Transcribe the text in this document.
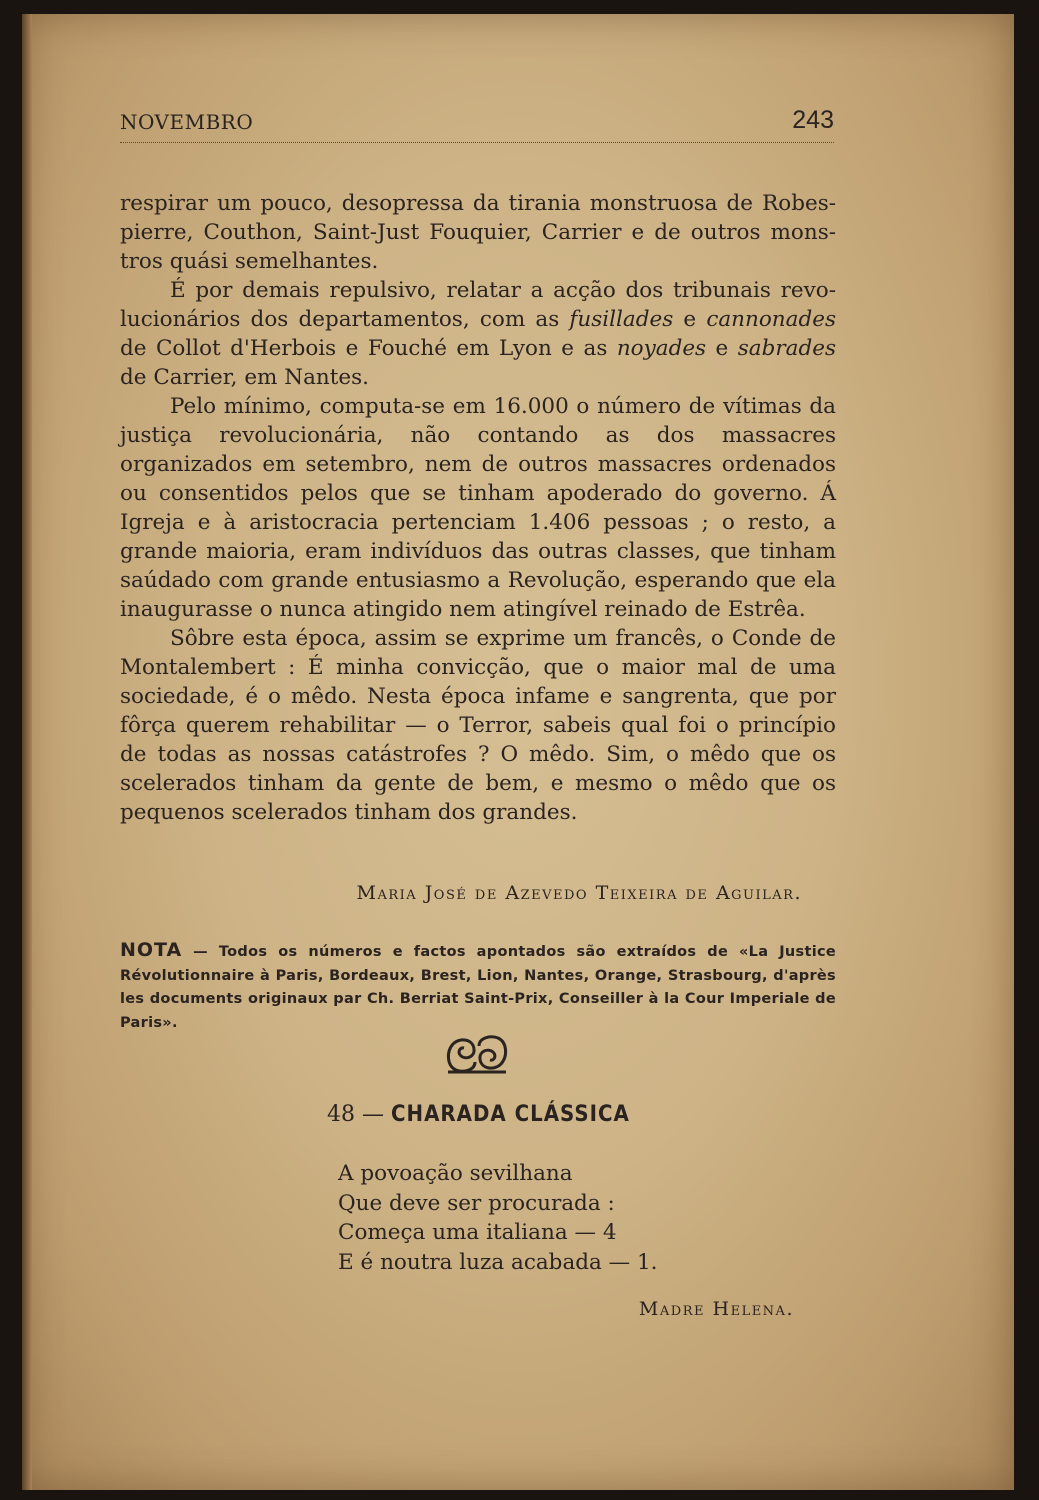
NOVEMBRO	243

respirar um pouco, desopressa da tirania monstruosa de Robes-pierre, Couthon, Saint-Just Fouquier, Carrier e de outros mons-tros quási semelhantes.

É por demais repulsivo, relatar a acção dos tribunais revo-lucionários dos departamentos, com as fusillades e cannonades de Collot d'Herbois e Fouché em Lyon e as noyades e sabrades de Carrier, em Nantes.

Pelo mínimo, computa-se em 16.000 o número de vítimas da justiça revolucionária, não contando as dos massacres organizados em setembro, nem de outros massacres ordenados ou consentidos pelos que se tinham apoderado do governo. Á Igreja e à aristocracia pertenciam 1.406 pessoas ; o resto, a grande maioria, eram indivíduos das outras classes, que tinham saúdado com grande entusiasmo a Revolução, esperando que ela inaugurasse o nunca atingido nem atingível reinado de Estrêa.

Sôbre esta época, assim se exprime um francês, o Conde de Montalembert : É minha convicção, que o maior mal de uma sociedade, é o mêdo. Nesta época infame e sangrenta, que por fôrça querem rehabilitar — o Terror, sabeis qual foi o princípio de todas as nossas catástrofes ? O mêdo. Sim, o mêdo que os scelerados tinham da gente de bem, e mesmo o mêdo que os pequenos scelerados tinham dos grandes.

Maria José de Azevedo Teixeira de Aguilar.
NOTA — Todos os números e factos apontados são extraídos de «La Justice Révolutionnaire à Paris, Bordeaux, Brest, Lion, Nantes, Orange, Strasbourg, d'après les documents originaux par Ch. Berriat Saint-Prix, Conseiller à la Cour Imperiale de Paris».
48 — CHARADA CLÁSSICA
A povoação sevilhana
Que deve ser procurada :
Começa uma italiana — 4
E é noutra luza acabada — 1.
Madre Helena.
